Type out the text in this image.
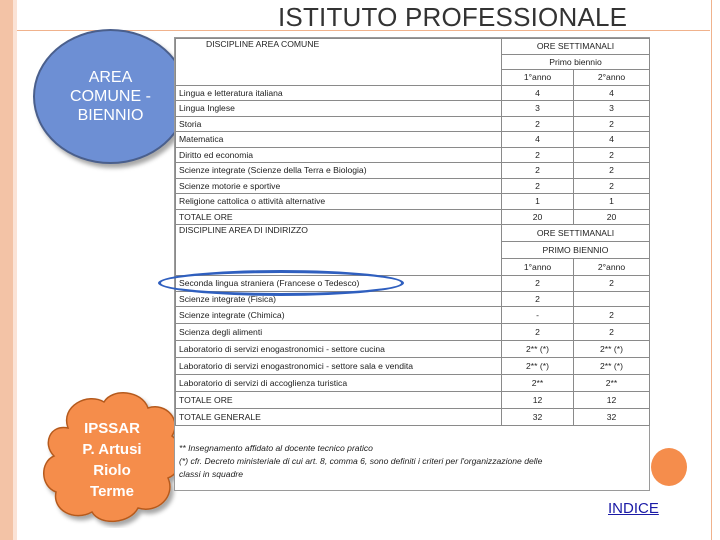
ISTITUTO PROFESSIONALE
AREA
COMUNE -
BIENNIO
IPSSAR
P. Artusi
Riolo
Terme
DISCIPLINE AREA COMUNE	ORE SETTIMANALI	
	Primo biennio	
	1°anno	2°anno
Lingua e letteratura italiana	4	4
Lingua Inglese	3	3
Storia	2	2
Matematica	4	4
Diritto ed economia	2	2
Scienze integrate (Scienze della Terra e Biologia)	2	2
Scienze motorie e sportive	2	2
Religione cattolica o attività alternative	1	1
TOTALE ORE	20	20
DISCIPLINE AREA DI INDIRIZZO	ORE SETTIMANALI	
	PRIMO BIENNIO	
	1°anno	2°anno
Seconda lingua straniera (Francese o Tedesco)	2	2
Scienze integrate (Fisica)	2	
Scienze integrate (Chimica)	-	2
Scienza degli alimenti	2	2
Laboratorio di servizi enogastronomici - settore cucina	2** (*)	2** (*)
Laboratorio di servizi enogastronomici - settore sala e vendita	2** (*)	2** (*)
Laboratorio di servizi di accoglienza turistica	2**	2**
TOTALE ORE	12	12
TOTALE GENERALE	32	32
** Insegnamento affidato al docente tecnico pratico
(*) cfr. Decreto ministeriale di cui art. 8, comma 6, sono definiti i criteri per l'organizzazione delle
classi in squadre
INDICE
